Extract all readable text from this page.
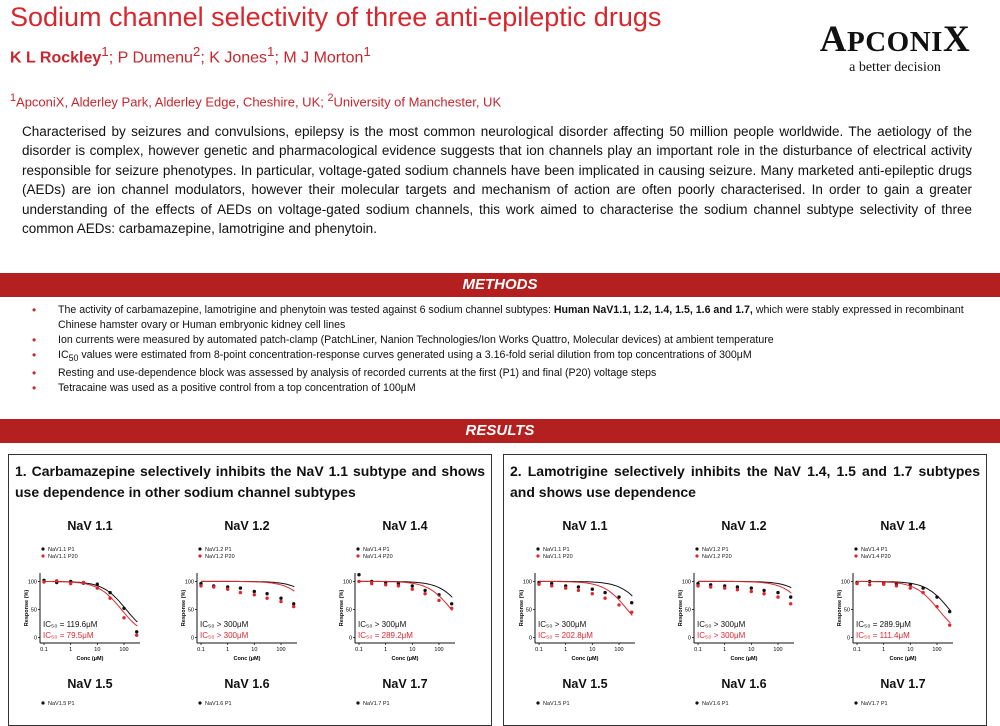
Sodium channel selectivity of three anti-epileptic drugs
K L Rockley$^1$; P Dumenu$^2$; K Jones$^1$; M J Morton$^1$
$^1$ApconiX, Alderley Park, Alderley Edge, Cheshire, UK; $^2$University of Manchester, UK
APCONIX
a better decision
Characterised by seizures and convulsions, epilepsy is the most common neurological disorder affecting 50 million people worldwide. The aetiology of the disorder is complex, however genetic and pharmacological evidence suggests that ion channels play an important role in the disturbance of electrical activity responsible for seizure phenotypes. In particular, voltage-gated sodium channels have been implicated in causing seizure. Many marketed anti-epileptic drugs (AEDs) are ion channel modulators, however their molecular targets and mechanism of action are often poorly characterised. In order to gain a greater understanding of the effects of AEDs on voltage-gated sodium channels, this work aimed to characterise the sodium channel subtype selectivity of three common AEDs: carbamazepine, lamotrigine and phenytoin.
METHODS
• The activity of carbamazepine, lamotrigine and phenytoin was tested against 6 sodium channel subtypes: Human NaV1.1, 1.2, 1.4, 1.5, 1.6 and 1.7, which were stably expressed in recombinant Chinese hamster ovary or Human embryonic kidney cell lines
• Ion currents were measured by automated patch-clamp (PatchLiner, Nanion Technologies/Ion Works Quattro, Molecular devices) at ambient temperature
• $IC_{50}$ values were estimated from 8-point concentration-response curves generated using a 3.16-fold serial dilution from top concentrations of 300μM
• Resting and use-dependence block was assessed by analysis of recorded currents at the first (P1) and final (P20) voltage steps
• Tetracaine was used as a positive control from a top concentration of 100μM
RESULTS
1. Carbamazepine selectively inhibits the NaV 1.1 subtype and shows use dependence in other sodium channel subtypes
2. Lamotrigine selectively inhibits the NaV 1.4, 1.5 and 1.7 subtypes and shows use dependence
NaV 1.1
0
50
100
0.1	1	10	100
Conc (μM)
Response (%) IC₅₀ = 119.6μM
IC₅₀ = 79.5μM
NaV1.1 P1
NaV1.1 P20
NaV 1.2
0
50
100
0.1	1	10	100
Conc (μM)
Response (%) IC₅₀ > 300μM
IC₅₀ > 300μM
NaV1.2 P1
NaV1.2 P20
NaV 1.4
0
50
100
0.1	1	10	100
Conc (μM)
Response (%) IC₅₀ > 300μM
IC₅₀ = 289.2μM
NaV1.4 P1
NaV1.4 P20
NaV 1.1
0
50
100
0.1	1	10	100
Conc (μM)
Response (%) IC₅₀ > 300μM
IC₅₀ = 202.8μM
NaV1.1 P1
NaV1.1 P20
NaV 1.2
0
50
100
0.1	1	10	100
Conc (μM)
Response (%) IC₅₀ > 300μM
IC₅₀ > 300μM
NaV1.2 P1
NaV1.2 P20
NaV 1.4
0
50
100
0.1	1	10	100
Conc (μM)
Response (%) IC₅₀ = 289.9μM
IC₅₀ = 111.4μM
NaV1.4 P1
NaV1.4 P20
NaV 1.5
NaV1.5 P1
NaV 1.6
NaV1.6 P1
NaV 1.7
NaV1.7 P1
NaV 1.5
NaV1.5 P1
NaV 1.6
NaV1.6 P1
NaV 1.7
NaV1.7 P1
